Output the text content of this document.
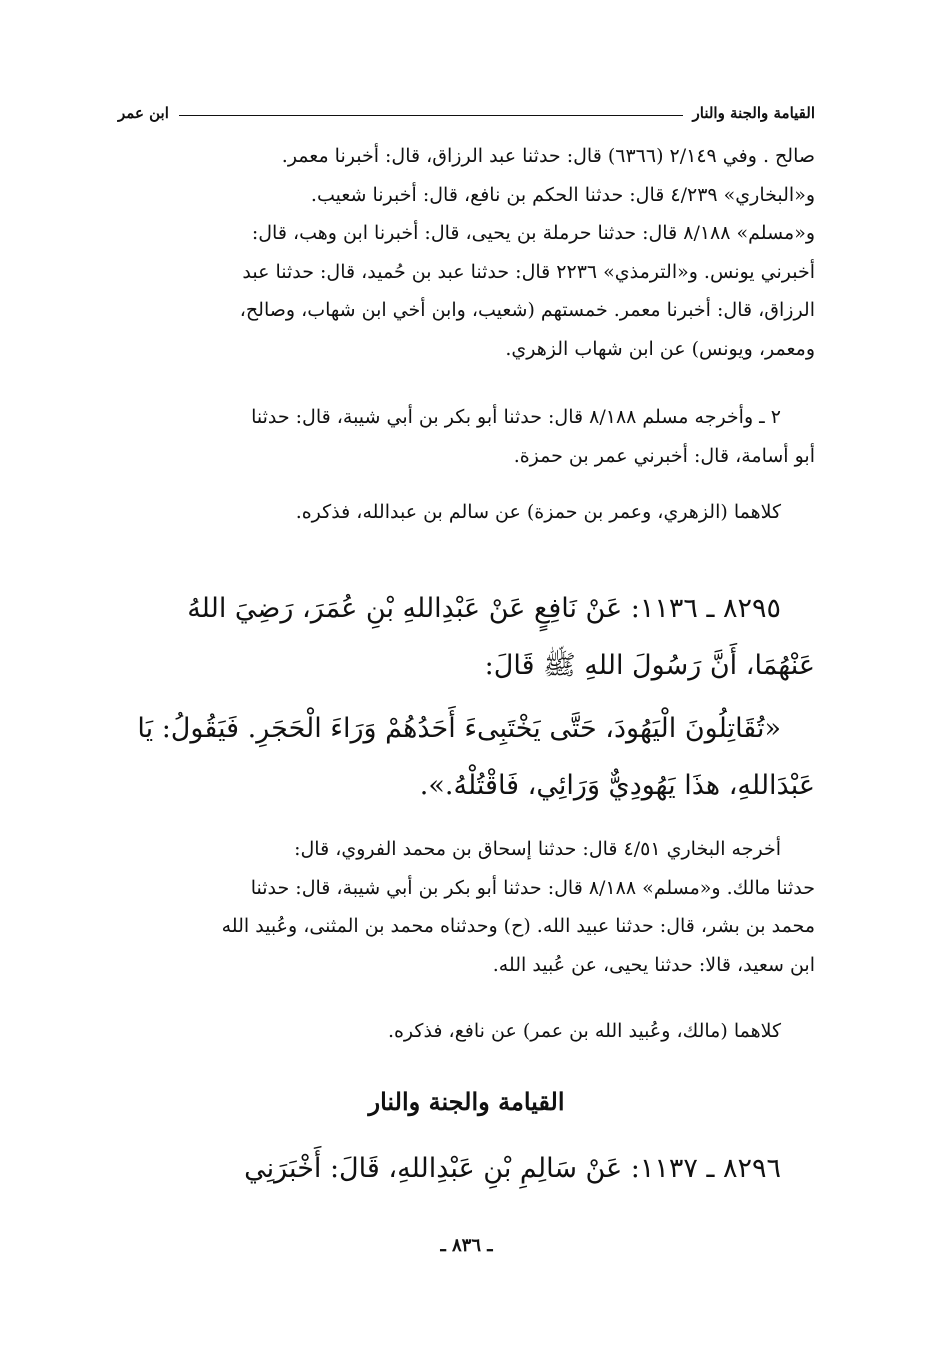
القيامة والجنة والنار
ابن عمر
صالح . وفي ٢/١٤٩ (٦٣٦٦) قال: حدثنا عبد الرزاق، قال: أخبرنا معمر.
و«البخاري» ٤/٢٣٩ قال: حدثنا الحكم بن نافع، قال: أخبرنا شعيب.
و«مسلم» ٨/١٨٨ قال: حدثنا حرملة بن يحيى، قال: أخبرنا ابن وهب، قال:
أخبرني يونس. و«الترمذي» ٢٢٣٦ قال: حدثنا عبد بن حُميد، قال: حدثنا عبد
الرزاق، قال: أخبرنا معمر. خمستهم (شعيب، وابن أخي ابن شهاب، وصالح،
ومعمر، ويونس) عن ابن شهاب الزهري.
٢ ـ وأخرجه مسلم ٨/١٨٨ قال: حدثنا أبو بكر بن أبي شيبة، قال: حدثنا
أبو أسامة، قال: أخبرني عمر بن حمزة.
كلاهما (الزهري، وعمر بن حمزة) عن سالم بن عبدالله، فذكره.
٨٢٩٥ ـ ١١٣٦: عَنْ نَافِعٍ عَنْ عَبْدِاللهِ بْنِ عُمَرَ، رَضِيَ اللهُ
عَنْهُمَا، أَنَّ رَسُولَ اللهِ ﷺ قَالَ:
«تُقَاتِلُونَ الْيَهُودَ، حَتَّى يَخْتَبِىءَ أَحَدُهُمْ وَرَاءَ الْحَجَرِ. فَيَقُولُ: يَا
عَبْدَاللهِ، هذَا يَهُودِيٌّ وَرَائِي، فَاقْتُلْهُ.».
أخرجه البخاري ٤/٥١ قال: حدثنا إسحاق بن محمد الفروي، قال:
حدثنا مالك. و«مسلم» ٨/١٨٨ قال: حدثنا أبو بكر بن أبي شيبة، قال: حدثنا
محمد بن بشر، قال: حدثنا عبيد الله. (ح) وحدثناه محمد بن المثنى، وعُبيد الله
ابن سعيد، قالا: حدثنا يحيى، عن عُبيد الله.
كلاهما (مالك، وعُبيد الله بن عمر) عن نافع، فذكره.
القيامة والجنة والنار
٨٢٩٦ ـ ١١٣٧: عَنْ سَالِمِ بْنِ عَبْدِاللهِ، قَالَ: أَخْبَرَنِي
ـ ٨٣٦ ـ
